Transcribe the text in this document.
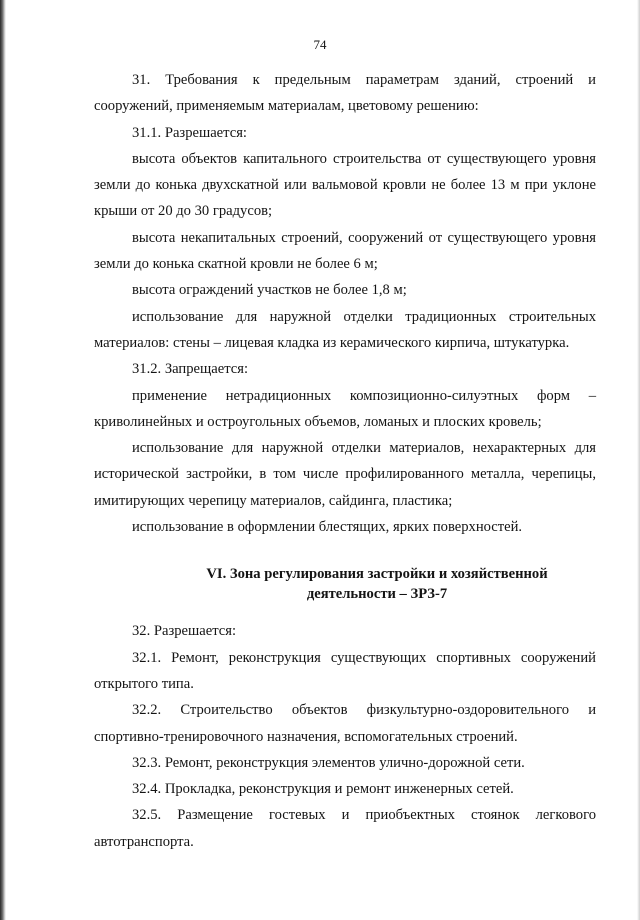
74

31. Требования к предельным параметрам зданий, строений и сооружений, применяемым материалам, цветовому решению:

31.1. Разрешается:

высота объектов капитального строительства от существующего уровня земли до конька двухскатной или вальмовой кровли не более 13 м при уклоне крыши от 20 до 30 градусов;

высота некапитальных строений, сооружений от существующего уровня земли до конька скатной кровли не более 6 м;

высота ограждений участков не более 1,8 м;

использование для наружной отделки традиционных строительных материалов: стены – лицевая кладка из керамического кирпича, штукатурка.

31.2. Запрещается:

применение нетрадиционных композиционно-силуэтных форм – криволинейных и остроугольных объемов, ломаных и плоских кровель;

использование для наружной отделки материалов, нехарактерных для исторической застройки, в том числе профилированного металла, черепицы, имитирующих черепицу материалов, сайдинга, пластика;

использование в оформлении блестящих, ярких поверхностей.

VI. Зона регулирования застройки и хозяйственной
деятельности – ЗРЗ-7

32. Разрешается:

32.1. Ремонт, реконструкция существующих спортивных сооружений открытого типа.

32.2. Строительство объектов физкультурно-оздоровительного и спортивно-тренировочного назначения, вспомогательных строений.

32.3. Ремонт, реконструкция элементов улично-дорожной сети.

32.4. Прокладка, реконструкция и ремонт инженерных сетей.

32.5. Размещение гостевых и приобъектных стоянок легкового автотранспорта.
